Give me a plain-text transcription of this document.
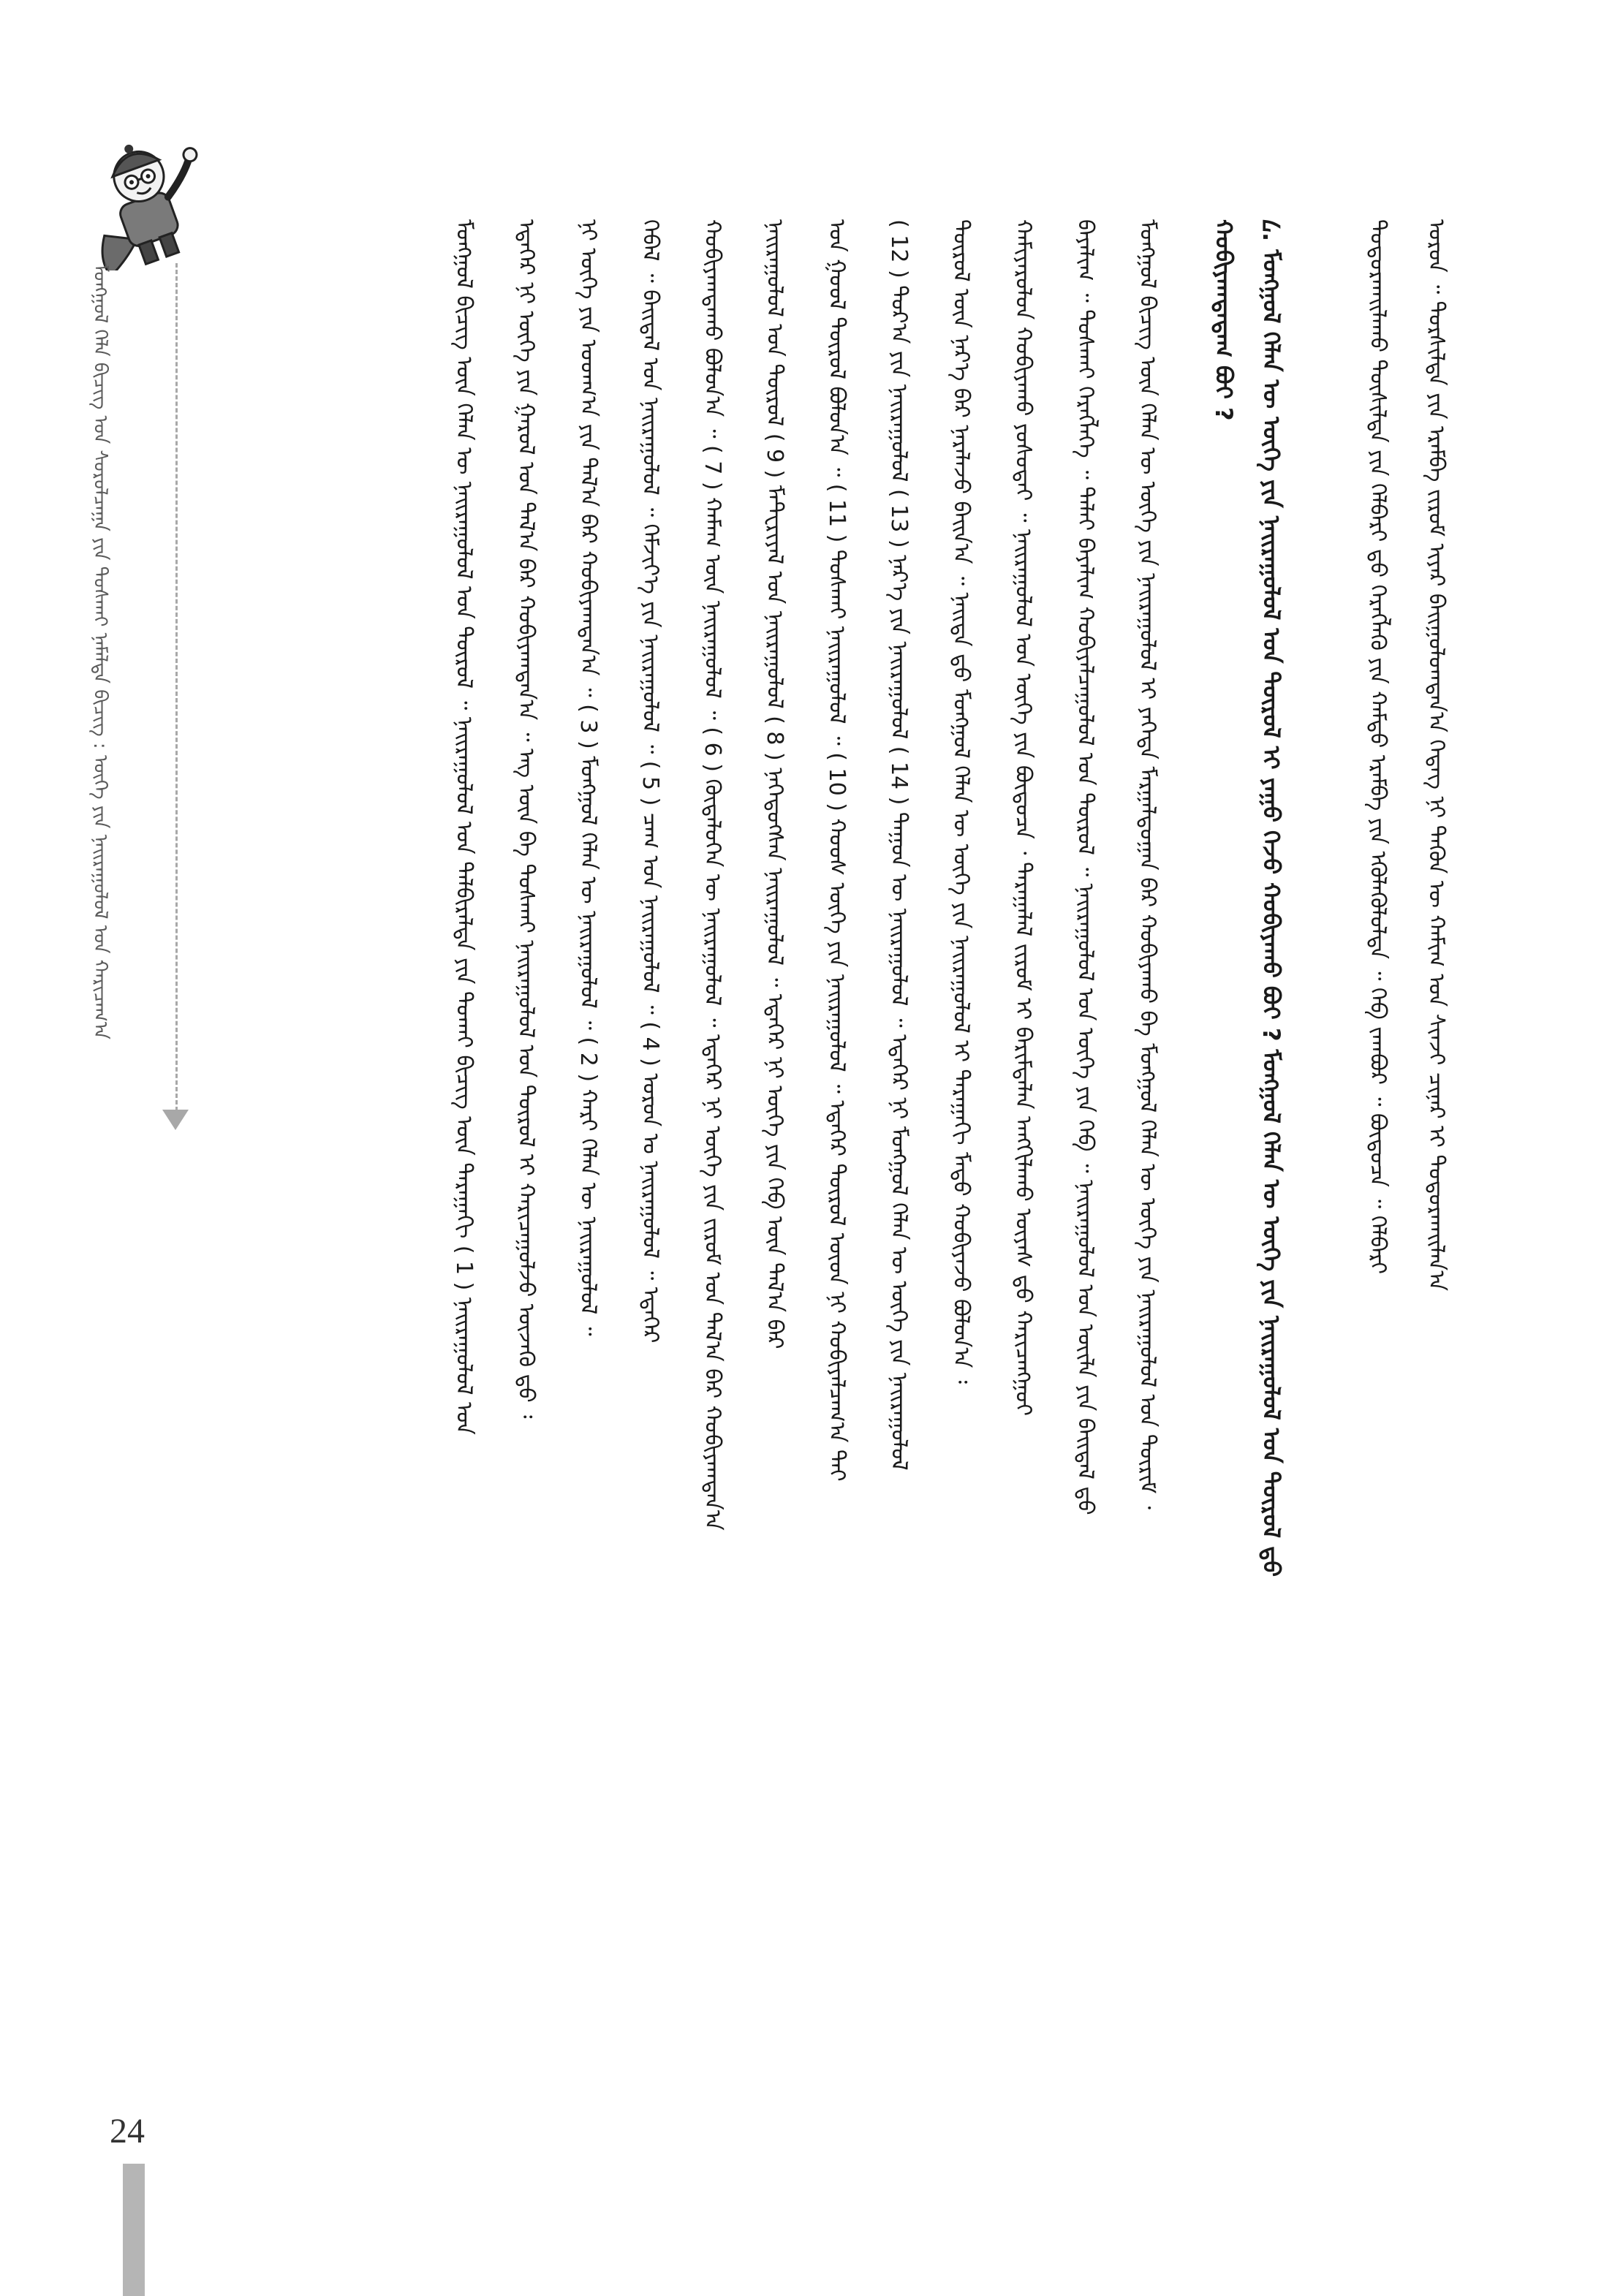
ᠮᠣᠩᠭᠣᠯ ᠬᠡᠯᠡ ᠪᠢᠴᠢᠭ ᠤᠨ ᠰᠤᠷᠤᠯᠴᠠᠭᠠ ᠶᠢᠨ ᠲᠤᠰᠬᠠᠢ ᠨᠡᠮᠡᠯᠲᠡ ᠪᠢᠴᠢᠭ᠌ : ᠦᠭᠡ ᠶᠢᠨ ᠨᠠᠢᠷᠠᠭᠤᠯᠤᠯ ᠤᠨ ᠬᠠᠷᠢᠴᠠᠭ᠎ᠠ	ᠣᠷᠣᠨ ᠃ ᠲᠤᠷᠰᠢᠯᠲᠠ ᠶᠢᠨ ᠡᠷᠡᠮᠪᠡ ᠵᠢᠷᠤᠮ ᠢᠶᠡᠷ ᠪᠠᠢᠭᠤᠯᠤᠭᠳᠠᠨ᠎ᠠ ᠭᠡᠳᠡᠭ ᠨᠢ ᠲᠡᠭᠦᠨ ᠦ ᠬᠠᠮᠢᠭ ᠤᠨ ᠰᠢᠨᠵᠢ ᠴᠢᠨᠠᠷ ᠢ ᠲᠣᠳᠤᠷᠬᠠᠢᠯᠠᠨ᠎ᠠ
ᠲᠣᠳᠣᠷᠬᠠᠢᠯᠠᠬᠤ ᠲᠦᠰᠢᠯᠲᠡ ᠶᠢᠨ ᠬᠡᠯᠪᠡᠷᠢ ᠳ᠋ᠦ ᠬᠡᠷᠡᠭᠯᠡᠬᠦ ᠶᠢᠨ ᠬᠠᠮᠲᠤ ᠡᠷᠡᠮᠪᠡ ᠶᠢᠨ ᠡᠭᠦᠯᠡᠭᠦᠯᠦᠯᠲᠡ ᠃ ᠬᠡᠪ ᠵᠠᠭᠪᠤᠷ ᠃ ᠪᠦᠲᠦᠴᠡ ᠃ ᠬᠡᠯᠪᠡᠷᠢ
᠘. ᠮᠣᠩᠭᠣᠯ ᠬᠡᠯᠡᠨ ᠦ ᠦᠭᠡ ᠶᠢᠨ ᠨᠠᠢᠷᠠᠭᠤᠯᠤᠯ ᠤᠨ ᠲᠦᠷᠦᠯ ᠢ ᠶᠠᠭᠤ ᠭᠡᠵᠦ ᠬᠤᠪᠢᠶᠠᠬᠤ ᠪᠤᠢ ? ᠮᠣᠩᠭᠣᠯ ᠬᠡᠯᠡᠨ ᠦ ᠦᠭᠡ ᠶᠢᠨ ᠨᠠᠢᠷᠠᠭᠤᠯᠤᠯ ᠤᠨ ᠲᠦᠷᠦᠯ ᠳ᠋ᠦ
ᠬᠤᠪᠢᠶᠠᠭᠳᠠᠳᠠᠭ ᠪᠤᠢ ?
ᠮᠣᠩᠭᠣᠯ ᠪᠢᠴᠢᠭ ᠦᠨ ᠬᠡᠯᠡᠨ ᠦ ᠦᠭᠡ ᠶᠢᠨ ᠨᠠᠢᠷᠠᠭᠤᠯᠤᠯ ᠢ ᠶᠡᠬᠡᠳᠡ ᠮᠠᠷᠭᠠᠯᠳᠤᠭᠠᠨ ᠪᠠᠷ ᠬᠤᠪᠢᠶᠠᠬᠤ ᠪᠠ ᠮᠣᠩᠭᠣᠯ ᠬᠡᠯᠡᠨ ᠦ ᠦᠭᠡ ᠶᠢᠨ ᠨᠠᠢᠷᠠᠭᠤᠯᠤᠯ ᠤᠨ ᠳᠦᠷᠢᠮ ᠂
ᠪᠠᠶᠠᠯᠢᠭ ᠃ ᠲᠤᠰᠬᠠᠢ ᠬᠡᠷᠡᠭᠯᠡᠭᠡ ᠃ ᠳᠠᠯᠠᠢ ᠪᠠᠶᠠᠯᠢᠭ ᠬᠤᠪᠢᠶᠠᠯᠴᠠᠭᠤᠯᠤᠯ ᠤᠨ ᠲᠦᠷᠦᠯ ᠃ ᠨᠠᠢᠷᠠᠭᠤᠯᠤᠯ ᠤᠨ ᠦᠭᠡ ᠶᠢᠨ ᠬᠡᠪ ᠃ ᠨᠠᠢᠷᠠᠭᠤᠯᠤᠯ ᠤᠨ ᠦᠢᠯᠡ ᠶᠢᠨ ᠪᠠᠢᠳᠠᠯ ᠳ᠋ᠦ
ᠬᠠᠮᠢᠶᠠᠷᠤᠯᠤᠨ ᠬᠤᠪᠢᠶᠠᠬᠤ ᠶᠤᠰᠤᠳᠠᠢ ᠃ ᠨᠠᠢᠷᠠᠭᠤᠯᠤᠯ ᠤᠨ ᠦᠭᠡ ᠶᠢᠨ ᠪᠦᠲᠦᠴᠡ ᠂ ᠳᠠᠷᠠᠭᠠᠯᠠᠯ ᠵᠢᠷᠤᠮ ᠢ ᠪᠠᠷᠢᠮᠲᠠᠯᠠᠨ ᠠᠩᠭᠢᠯᠠᠬᠤ ᠦᠶᠡᠰ ᠳ᠋ᠦ ᠬᠠᠷᠢᠴᠠᠩᠭᠤᠢ
ᠲᠦᠷᠦᠯ ᠦᠨ ᠨᠡᠷ᠎ᠡ ᠪᠡᠷ ᠨᠡᠷᠡᠯᠡᠵᠦ ᠪᠠᠢᠨ᠎ᠠ ᠃ ᠨᠡᠢᠲᠡ ᠳ᠋ᠦ ᠮᠣᠩᠭᠣᠯ ᠬᠡᠯᠡᠨ ᠦ ᠦᠭᠡ ᠶᠢᠨ ᠨᠠᠢᠷᠠᠭᠤᠯᠤᠯ ᠢ ᠳᠠᠷᠠᠭᠠᠬᠢ ᠮᠡᠲᠦ ᠬᠤᠪᠢᠶᠠᠵᠤ ᠪᠣᠯᠤᠨ᠎ᠠ ᠄
( 12 ) ᠳᠤᠷ᠎ᠠ ᠶᠢᠨ ᠨᠠᠢᠷᠠᠭᠤᠯᠤᠯ ( 13 ) ᠨᠡᠷ᠎ᠡ ᠶᠢᠨ ᠨᠠᠢᠷᠠᠭᠤᠯᠤᠯ ( 14 ) ᠳᠠᠭᠤᠨ ᠦ ᠨᠠᠢᠷᠠᠭᠤᠯᠤᠯ ᠃ ᠡᠳᠡᠭᠡᠷ ᠨᠢ ᠮᠣᠩᠭᠣᠯ ᠬᠡᠯᠡᠨ ᠦ ᠦᠭᠡ ᠶᠢᠨ ᠨᠠᠢᠷᠠᠭᠤᠯᠤᠯ
ᠤᠨ ᠭᠣᠣᠯ ᠲᠦᠷᠦᠯ ᠪᠣᠯᠤᠨ᠎ᠠ ᠃ ( 11 ) ᠲᠤᠰᠬᠠᠢ ᠨᠠᠢᠷᠠᠭᠤᠯᠤᠯ ᠃ ( 10 ) ᠬᠣᠣᠰ ᠦᠭᠡ ᠶᠢᠨ ᠨᠠᠢᠷᠠᠭᠤᠯᠤᠯ ᠃ ᠡᠳᠡᠭᠡᠷ ᠲᠦᠷᠦᠯ ᠦᠳ ᠨᠢ ᠬᠤᠪᠢᠶᠠᠯᠴᠠᠭ᠎ᠠ ᠲᠠᠢ
ᠨᠠᠢᠷᠠᠭᠤᠯᠤᠯ ᠤᠨ ᠲᠦᠷᠦᠯ ( 9 ) ᠮᠠᠲ᠋ᠧᠷᠢᠶᠠᠯ ᠤᠨ ᠨᠠᠢᠷᠠᠭᠤᠯᠤᠯ ( 8 ) ᠨᠡᠭᠡᠳᠦᠭᠰᠡᠨ ᠨᠠᠢᠷᠠᠭᠤᠯᠤᠯ ᠃ ᠡᠳᠡᠭᠡᠷ ᠨᠢ ᠦᠭᠡ ᠶᠢᠨ ᠬᠡᠪ ᠦᠨ ᠲᠠᠯ᠎ᠠ ᠪᠠᠷ
ᠬᠤᠪᠢᠶᠠᠭᠳᠠᠬᠤ ᠪᠣᠯᠤᠨ᠎ᠠ ᠃ ( 7 ) ᠬᠠᠮᠠᠭ ᠦᠨ ᠨᠠᠢᠷᠠᠭᠤᠯᠤᠯ ᠃ ( 6 ) ᠬᠦᠳᠡᠯᠦᠭᠡᠨ ᠦ ᠨᠠᠢᠷᠠᠭᠤᠯᠤᠯ ᠃ ᠡᠳᠡᠭᠡᠷ ᠨᠢ ᠦᠭᠡ ᠶᠢᠨ ᠵᠢᠷᠤᠮ ᠤᠨ ᠲᠠᠯ᠎ᠠ ᠪᠠᠷ ᠬᠤᠪᠢᠶᠠᠭᠳᠠᠨ᠎ᠠ
ᠭᠡᠪᠡᠯ ᠃ ᠪᠠᠢᠳᠠᠯ ᠤᠨ ᠨᠠᠢᠷᠠᠭᠤᠯᠤᠯ ᠃ ᠬᠡᠮᠵᠢᠶ᠎ᠡ ᠶᠢᠨ ᠨᠠᠢᠷᠠᠭᠤᠯᠤᠯ ᠃ ( 5 ) ᠴᠠᠭ ᠤᠨ ᠨᠠᠢᠷᠠᠭᠤᠯᠤᠯ ᠃ ( 4 ) ᠣᠷᠣᠨ ᠤ ᠨᠠᠢᠷᠠᠭᠤᠯᠤᠯ ᠃ ᠡᠳᠡᠭᠡᠷ
ᠨᠢ ᠦᠭᠡ ᠶᠢᠨ ᠤᠳᠬ᠎ᠠ ᠶᠢᠨ ᠲᠠᠯ᠎ᠠ ᠪᠠᠷ ᠬᠤᠪᠢᠶᠠᠭᠳᠠᠨ᠎ᠠ ᠃ ( 3 ) ᠮᠣᠩᠭᠣᠯ ᠬᠡᠯᠡᠨ ᠦ ᠨᠠᠢᠷᠠᠭᠤᠯᠤᠯ ᠃ ( 2 ) ᠬᠠᠷᠢ ᠬᠡᠯᠡᠨ ᠦ ᠨᠠᠢᠷᠠᠭᠤᠯᠤᠯ ᠃
ᠡᠳᠡᠭᠡᠷ ᠨᠢ ᠦᠭᠡ ᠶᠢᠨ ᠭᠠᠷᠤᠯ ᠤᠨ ᠲᠠᠯ᠎ᠠ ᠪᠠᠷ ᠬᠤᠪᠢᠶᠠᠭᠳᠠᠨ᠎ᠠ ᠃ ᠡᠩ ᠦᠨ ᠪᠠ ᠲᠤᠰᠬᠠᠢ ᠨᠠᠢᠷᠠᠭᠤᠯᠤᠯ ᠤᠨ ᠲᠦᠷᠦᠯ ᠢ ᠬᠠᠷᠢᠴᠠᠭᠤᠯᠵᠤ ᠦᠵᠡᠬᠦ ᠳ᠋ᠦ ᠄
ᠮᠣᠩᠭᠣᠯ ᠪᠢᠴᠢᠭ ᠦᠨ ᠬᠡᠯᠡᠨ ᠦ ᠨᠠᠢᠷᠠᠭᠤᠯᠤᠯ ᠤᠨ ᠲᠦᠷᠦᠯ ᠃ ᠨᠠᠢᠷᠠᠭᠤᠯᠤᠯ ᠤᠨ ᠲᠡᠯᠪᠢᠷᠡᠯᠲᠡ ᠶᠢᠨ ᠲᠤᠬᠠᠢ ᠪᠢᠴᠢᠭ᠌ ᠦᠨ ᠳᠠᠷᠠᠭᠠᠬᠢ ( 1 ) ᠨᠠᠢᠷᠠᠭᠤᠯᠤᠯ ᠤᠨ
24
